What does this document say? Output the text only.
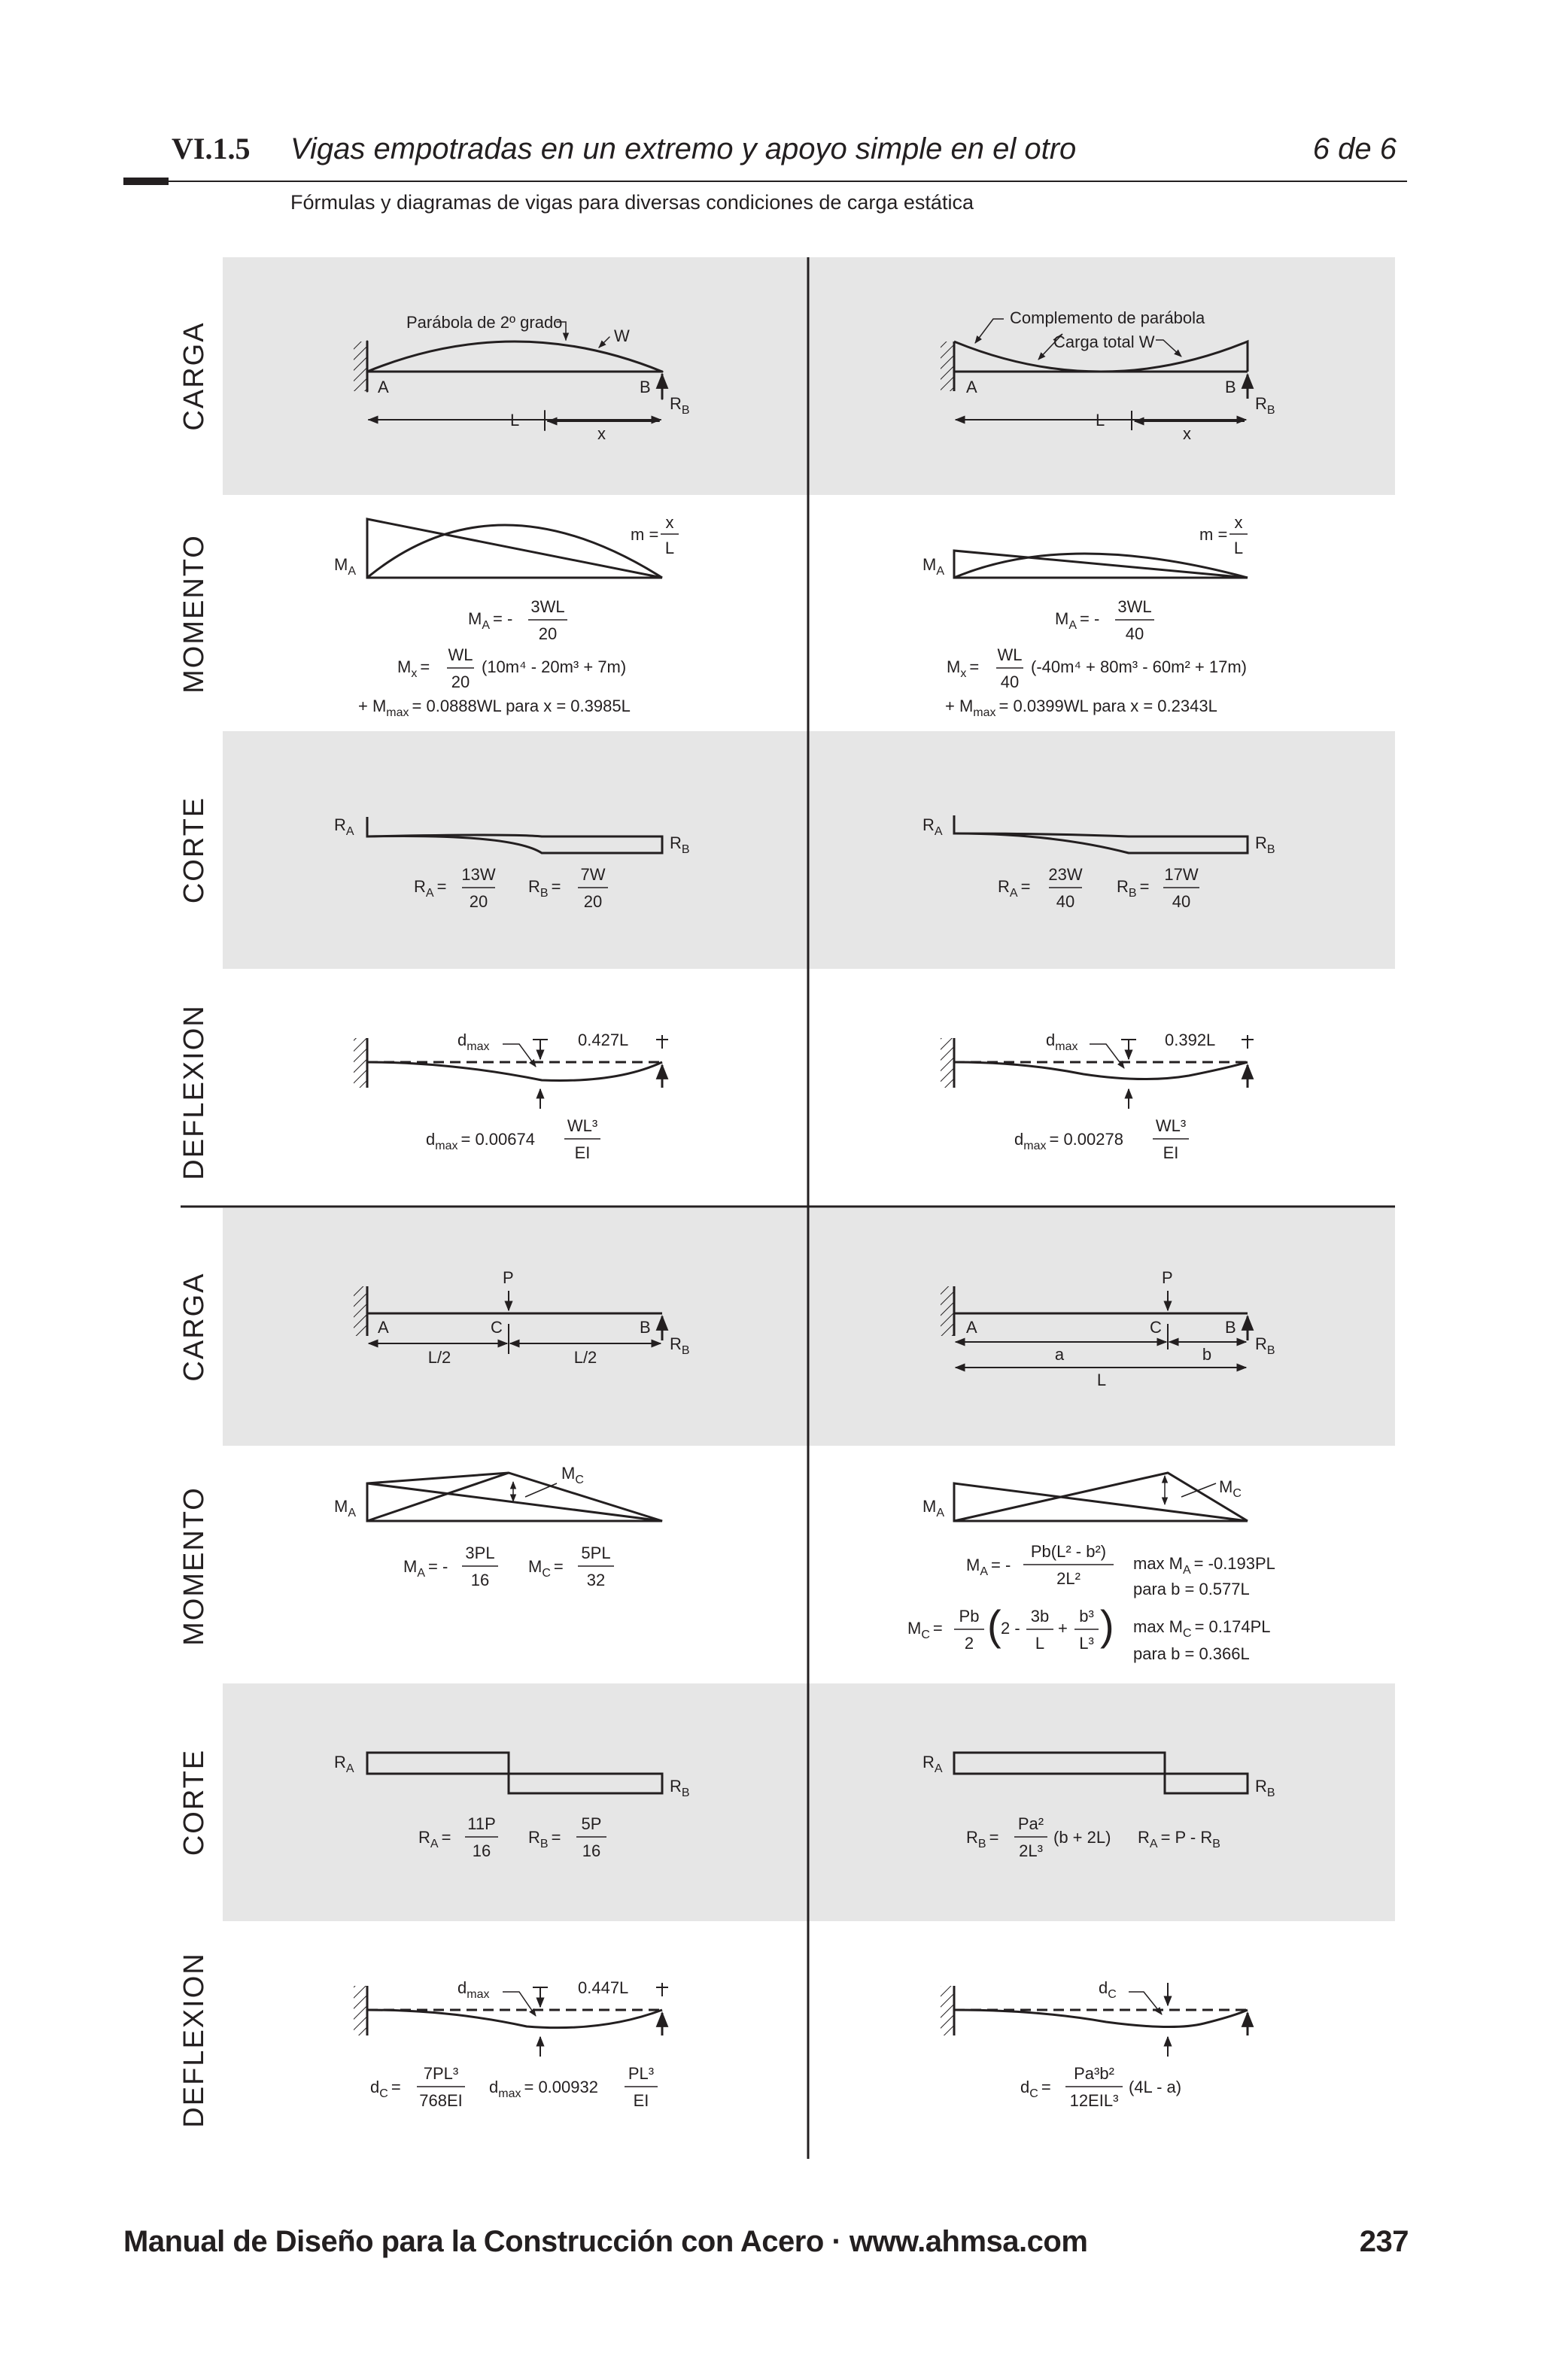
VI.1.5 Vigas empotradas en un extremo y apoyo simple en el otro	6 de 6
Fórmulas y diagramas de vigas para diversas condiciones de carga estática
CARGA
MOMENTO
CORTE
DEFLEXION
CARGA
MOMENTO
CORTE
DEFLEXION
Parábola de 2º grado
W
A	B
$R_B$
L
x
$M_A$
m =
x
L
$M_A$ = -
3WL
20
$M_x$ =
WL
20
(10m⁴ - 20m³ + 7m)
+ $M_{max} = 0.0888WL$ para x = 0.3985L
$R_A$
$R_B$
$R_A$ =
13W
20
$R_B$ =
7W
20
$d_{max}$	0.427L
$d_{max} = 0.00674$
WL³
EI
Complemento de parábola
Carga total W
A	B
$R_B$
L
x
$M_A$
m =
x
L
$M_A$ = -
3WL
40
$M_x$ =
WL
40
(-40m⁴ + 80m³ - 60m² + 17m)
+ $M_{max} = 0.0399WL$ para x = 0.2343L
$R_A$
$R_B$
$R_A$ =
23W
40
$R_B$ =
17W
40
$d_{max}$	0.392L
$d_{max} = 0.00278$
WL³
EI
P
A	C	B
$R_B$
L/2	L/2
$M_A$
$M_C$
$M_A$ = -
3PL
16
$M_C$ =
5PL
32
$R_A$
$R_B$
$R_A$ =
11P
16
$R_B$ =
5P
16
$d_{max}$	0.447L
$d_C$ =
7PL³
768EI
$d_{max} = 0.00932$
PL³
EI
P
A	C	B
$R_B$
a	b
L
$M_A$
$M_C$
$M_A$ = -
Pb(L² - b²)
2L²
$\max M_A = -0.193PL$
para b = 0.577L
$M_C$ =
Pb
2 ( 2 -
3b
L
+
b³
L³ ) $\max M_C = 0.174PL$
para b = 0.366L
$R_A$
$R_B$
$R_B$ =
Pa²
2L³
(b + 2L) $R_A = P - R_B$
$d_C$
$d_C$ =
Pa³b²
12EIL³
(4L - a)
Manual de Diseño para la Construcción con Acero · www.ahmsa.com	237
